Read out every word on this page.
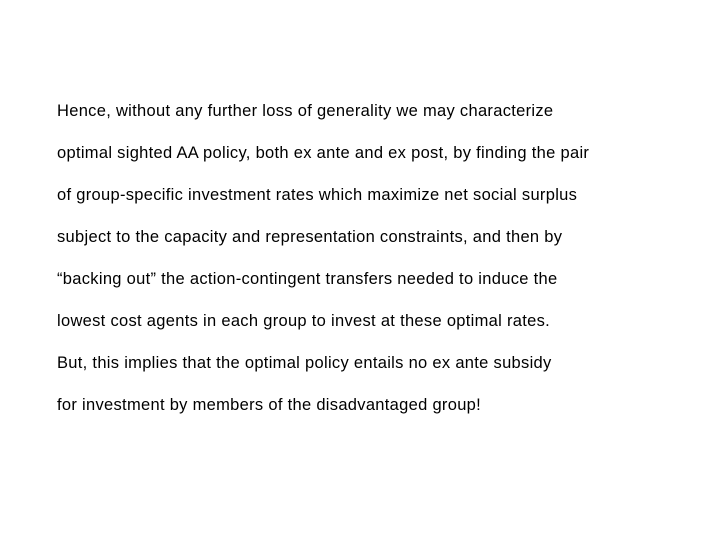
Hence, without any further loss of generality we may characterize
optimal sighted AA policy, both ex ante and ex post, by finding the pair
of group-specific investment rates which maximize net social surplus
subject to the capacity and representation constraints, and then by
“backing out” the action-contingent transfers needed to induce the
lowest cost agents in each group to invest at these optimal rates.
But, this implies that the optimal policy entails no ex ante subsidy
for investment by members of the disadvantaged group!
